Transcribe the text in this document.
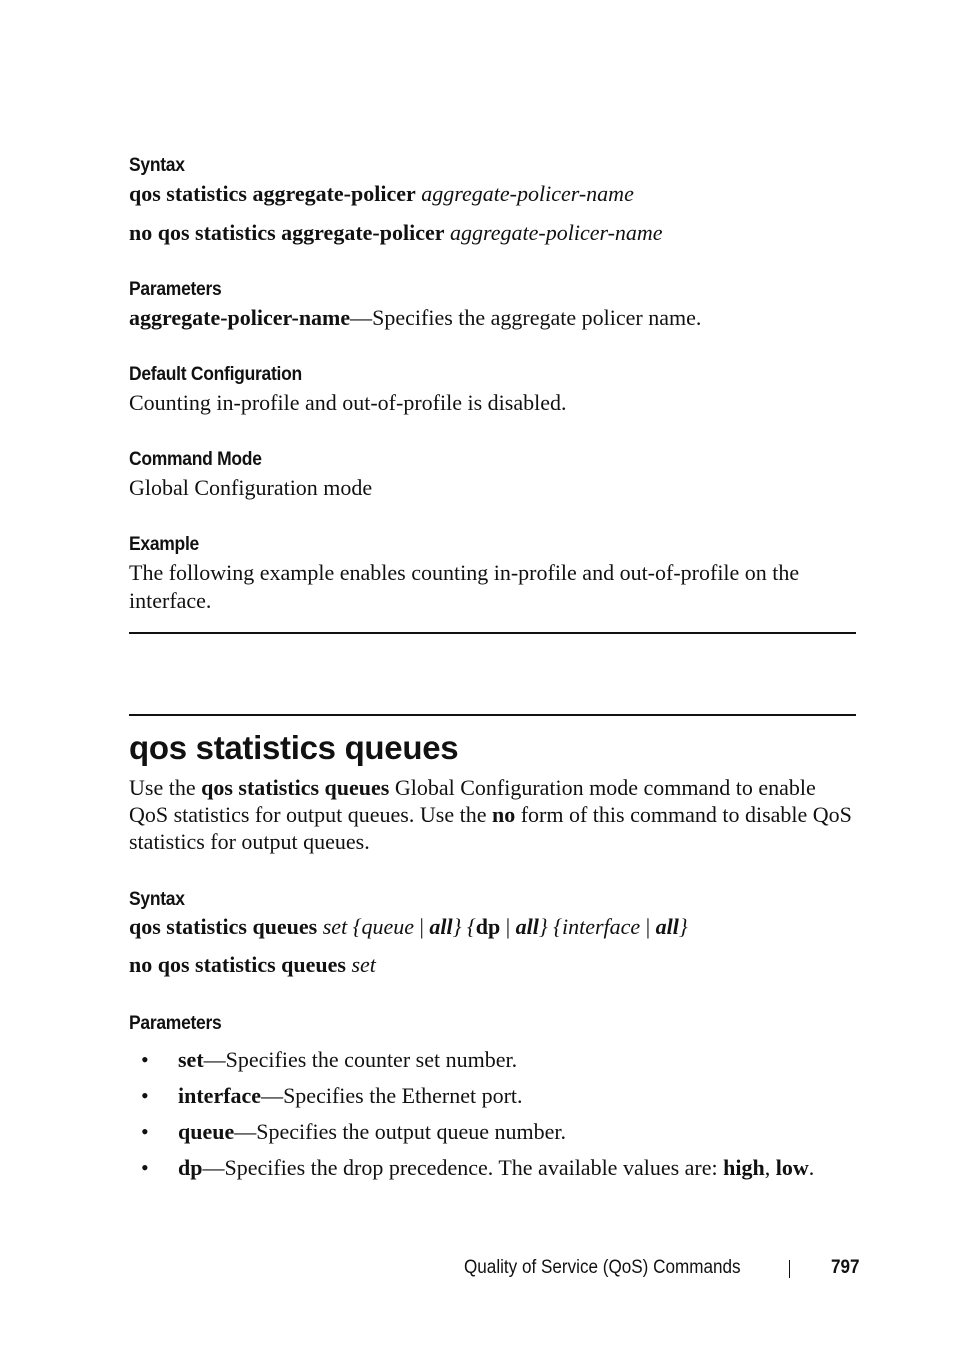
Syntax

qos statistics aggregate-policer aggregate-policer-name

no qos statistics aggregate-policer aggregate-policer-name

Parameters

aggregate-policer-name—Specifies the aggregate policer name.

Default Configuration

Counting in-profile and out-of-profile is disabled.

Command Mode

Global Configuration mode

Example

The following example enables counting in-profile and out-of-profile on the interface.

qos statistics queues

Use the qos statistics queues Global Configuration mode command to enable QoS statistics for output queues. Use the no form of this command to disable QoS statistics for output queues.

Syntax

qos statistics queues set {queue | all} {dp | all} {interface | all}

no qos statistics queues set

Parameters
• set—Specifies the counter set number.
• interface—Specifies the Ethernet port.
• queue—Specifies the output queue number.
• dp—Specifies the drop precedence. The available values are: high, low.
Quality of Service (QoS) Commands	797
